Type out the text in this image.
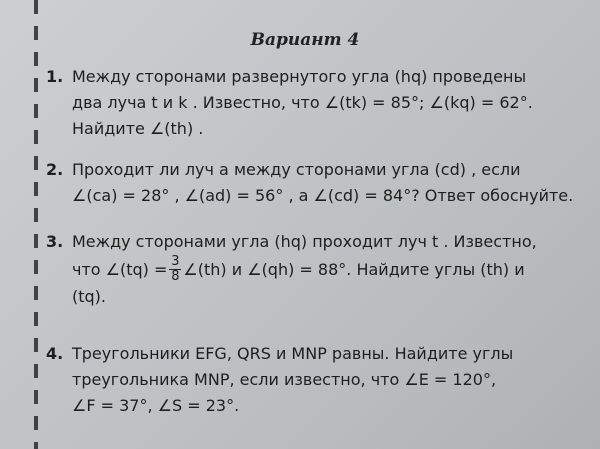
Вариант 4
1. Между сторонами развернутого угла (hq) проведены

два луча t и k . Известно, что ∠(tk) = 85°; ∠(kq) = 62°.

Найдите ∠(th) .

2. Проходит ли луч a между сторонами угла (cd) , если

∠(ca) = 28° , ∠(ad) = 56° , а ∠(cd) = 84°? Ответ обоснуйте.

3. Между сторонами угла (hq) проходит луч t . Известно,

что ∠(tq) = $\frac{3}{8}$ ∠(th) и ∠(qh) = 88°. Найдите углы (th) и

(tq).

4. Треугольники EFG, QRS и MNP равны. Найдите углы

треугольника MNP, если известно, что ∠E = 120°,

∠F = 37°, ∠S = 23°.
